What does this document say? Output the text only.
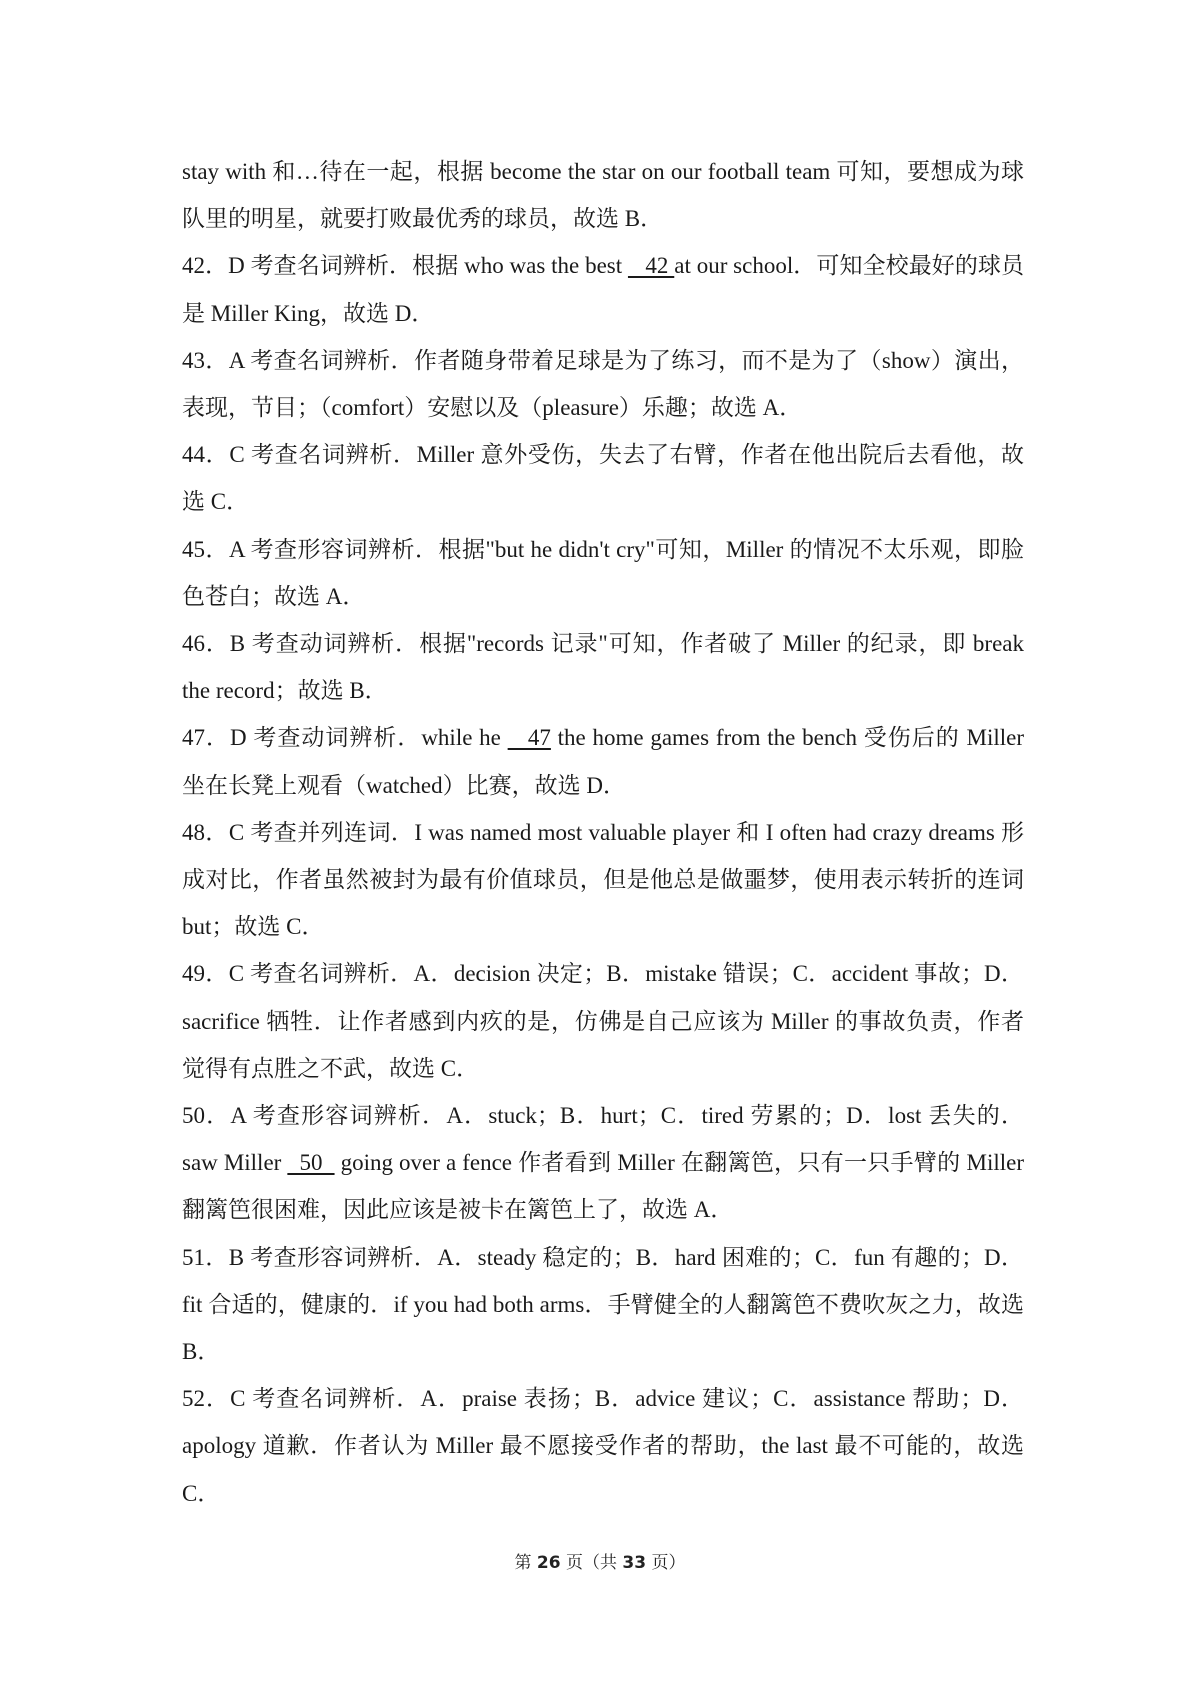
stay with 和…待在一起，根据 become the star on our football team 可知，要想成为球队里的明星，就要打败最优秀的球员，故选 B．

42．D 考查名词辨析．根据 who was the best    42 at our school．可知全校最好的球员是 Miller King，故选 D．

43．A 考查名词辨析．作者随身带着足球是为了练习，而不是为了（show）演出，表现，节目；（comfort）安慰以及（pleasure）乐趣；故选 A．

44．C 考查名词辨析．Miller 意外受伤，失去了右臂，作者在他出院后去看他，故选 C．

45．A 考查形容词辨析．根据"but he didn't cry"可知，Miller 的情况不太乐观，即脸色苍白；故选 A．

46．B 考查动词辨析．根据"records 记录"可知，作者破了 Miller 的纪录，即 break the record；故选 B．

47．D 考查动词辨析．while he    47 the home games from the bench 受伤后的 Miller 坐在长凳上观看（watched）比赛，故选 D．

48．C 考查并列连词．I was named most valuable player 和 I often had crazy dreams 形成对比，作者虽然被封为最有价值球员，但是他总是做噩梦，使用表示转折的连词 but；故选 C．

49．C 考查名词辨析．A．decision 决定；B．mistake 错误；C．accident 事故；D．sacrifice 牺牲．让作者感到内疚的是，仿佛是自己应该为 Miller 的事故负责，作者觉得有点胜之不武，故选 C．

50．A 考查形容词辨析．A．stuck；B．hurt；C．tired 劳累的；D．lost 丢失的．saw Miller   50   going over a fence 作者看到 Miller 在翻篱笆，只有一只手臂的 Miller 翻篱笆很困难，因此应该是被卡在篱笆上了，故选 A．

51．B 考查形容词辨析．A．steady 稳定的；B．hard 困难的；C．fun 有趣的；D．fit 合适的，健康的．if you had both arms．手臂健全的人翻篱笆不费吹灰之力，故选 B．

52．C 考查名词辨析．A．praise 表扬；B．advice 建议；C．assistance 帮助；D．apology 道歉．作者认为 Miller 最不愿接受作者的帮助，the last 最不可能的，故选 C．

第 26 页（共 33 页）
